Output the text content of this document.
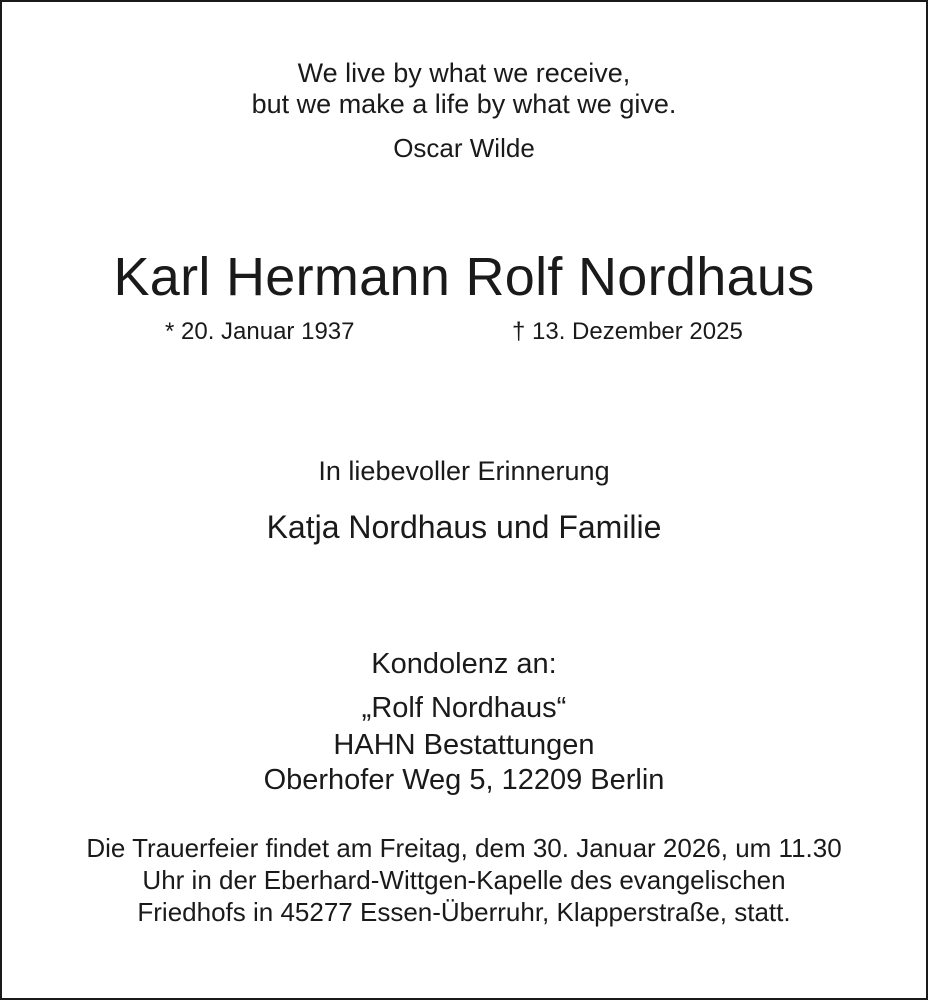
We live by what we receive,

but we make a life by what we give.

Oscar Wilde

Karl Hermann Rolf Nordhaus
* 20. Januar 1937	† 13. Dezember 2025

In liebevoller Erinnerung

Katja Nordhaus und Familie

Kondolenz an:

„Rolf Nordhaus“

HAHN Bestattungen

Oberhofer Weg 5, 12209 Berlin

Die Trauerfeier findet am Freitag, dem 30. Januar 2026, um 11.30

Uhr in der Eberhard-Wittgen-Kapelle des evangelischen

Friedhofs in 45277 Essen-Überruhr, Klapperstraße, statt.
